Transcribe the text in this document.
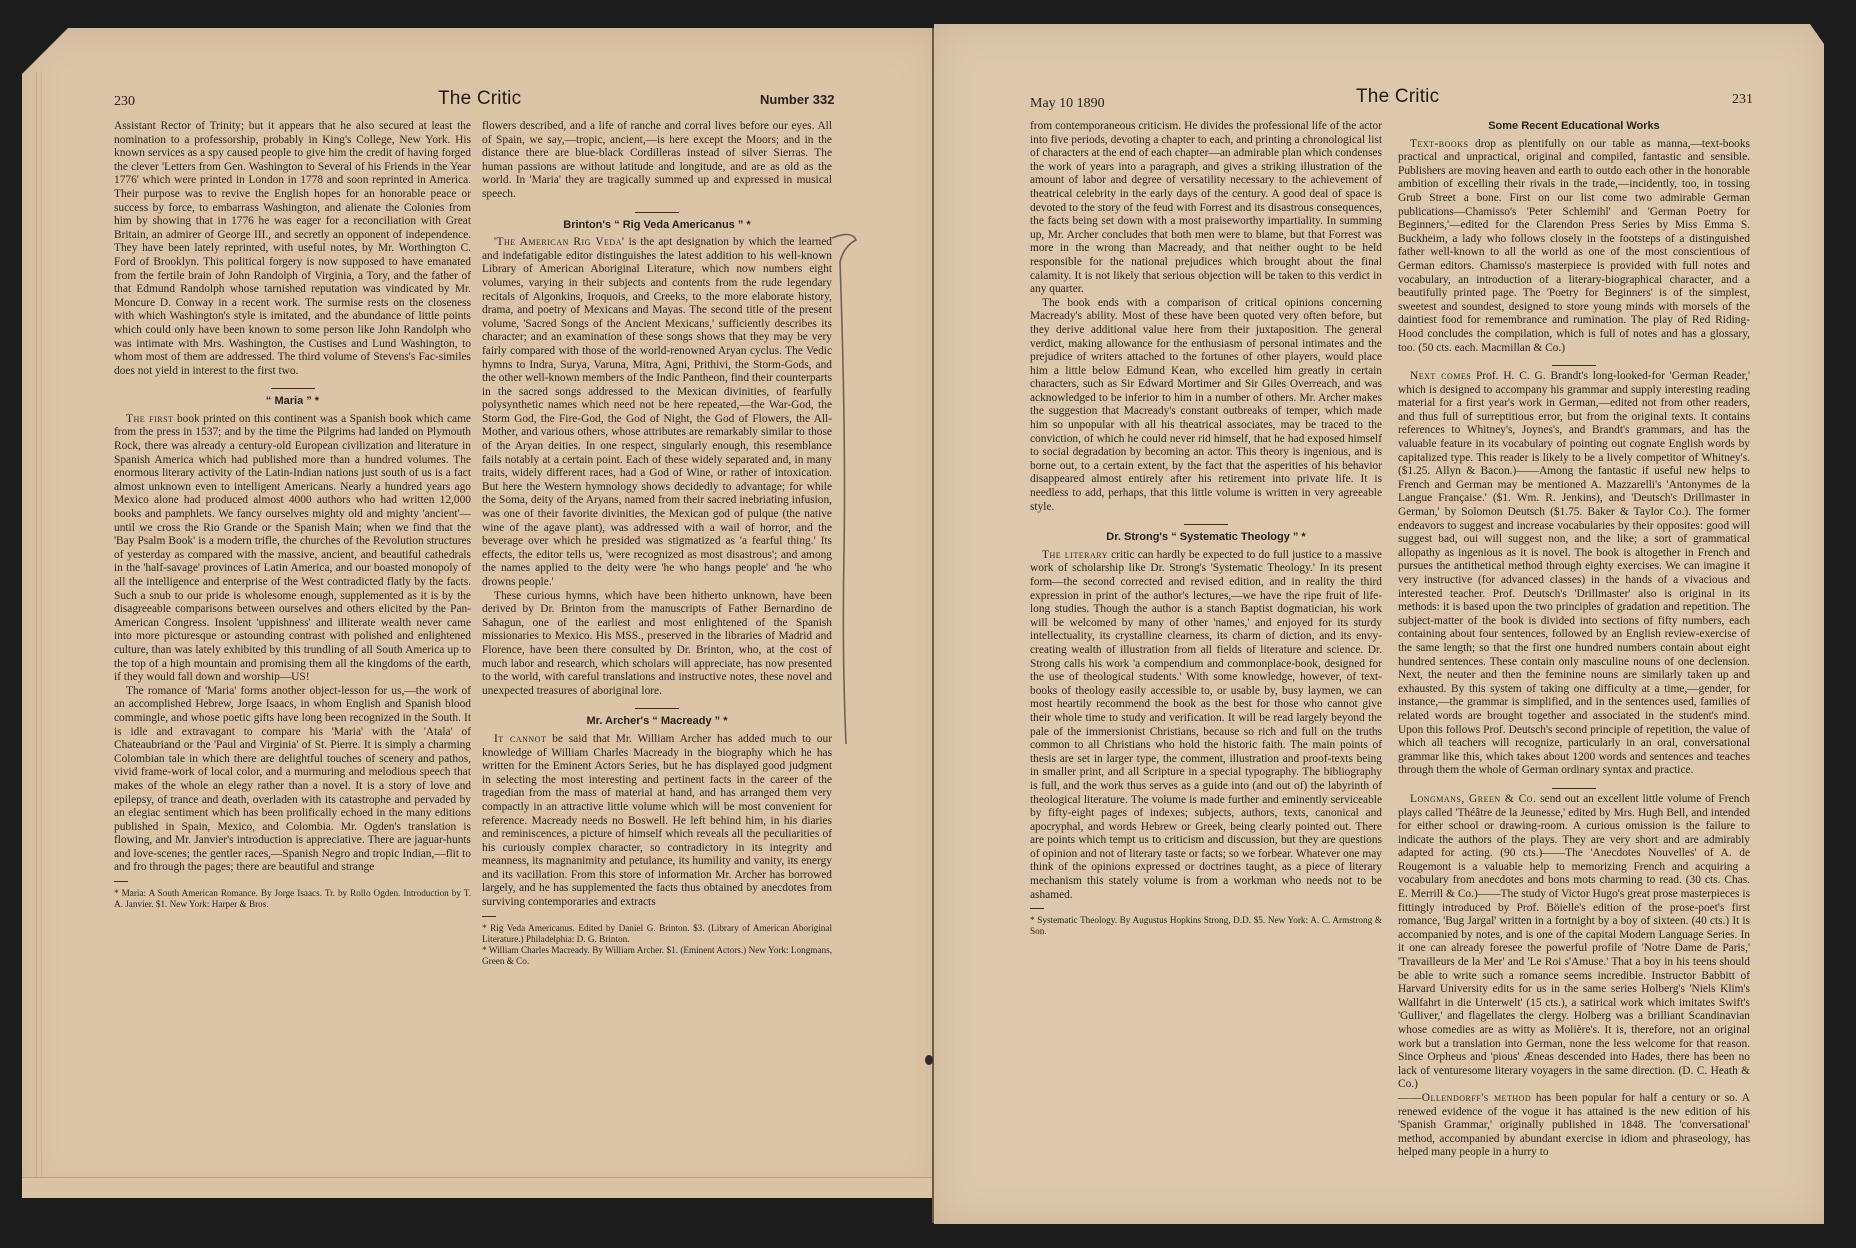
230	The Critic	Number 332

Assistant Rector of Trinity; but it appears that he also secured at least the nomination to a professorship, probably in King's College, New York. His known services as a spy caused people to give him the credit of having forged the clever 'Letters from Gen. Washington to Several of his Friends in the Year 1776' which were printed in London in 1778 and soon reprinted in America. Their purpose was to revive the English hopes for an honorable peace or success by force, to embarrass Washington, and alienate the Colonies from him by showing that in 1776 he was eager for a reconciliation with Great Britain, an admirer of George III., and secretly an opponent of independence. They have been lately reprinted, with useful notes, by Mr. Worthington C. Ford of Brooklyn. This political forgery is now supposed to have emanated from the fertile brain of John Randolph of Virginia, a Tory, and the father of that Edmund Randolph whose tarnished reputation was vindicated by Mr. Moncure D. Conway in a recent work. The surmise rests on the closeness with which Washington's style is imitated, and the abundance of little points which could only have been known to some person like John Randolph who was intimate with Mrs. Washington, the Custises and Lund Washington, to whom most of them are addressed. The third volume of Stevens's Fac-similes does not yield in interest to the first two.

“ Maria ” *

The first book printed on this continent was a Spanish book which came from the press in 1537; and by the time the Pilgrims had landed on Plymouth Rock, there was already a century-old European civilization and literature in Spanish America which had published more than a hundred volumes. The enormous literary activity of the Latin-Indian nations just south of us is a fact almost unknown even to intelligent Americans. Nearly a hundred years ago Mexico alone had produced almost 4000 authors who had written 12,000 books and pamphlets. We fancy ourselves mighty old and mighty 'ancient'—until we cross the Rio Grande or the Spanish Main; when we find that the 'Bay Psalm Book' is a modern trifle, the churches of the Revolution structures of yesterday as compared with the massive, ancient, and beautiful cathedrals in the 'half-savage' provinces of Latin America, and our boasted monopoly of all the intelligence and enterprise of the West contradicted flatly by the facts. Such a snub to our pride is wholesome enough, supplemented as it is by the disagreeable comparisons between ourselves and others elicited by the Pan-American Congress. Insolent 'uppishness' and illiterate wealth never came into more picturesque or astounding contrast with polished and enlightened culture, than was lately exhibited by this trundling of all South America up to the top of a high mountain and promising them all the kingdoms of the earth, if they would fall down and worship—US!

The romance of 'Maria' forms another object-lesson for us,—the work of an accomplished Hebrew, Jorge Isaacs, in whom English and Spanish blood commingle, and whose poetic gifts have long been recognized in the South. It is idle and extravagant to compare his 'Maria' with the 'Atala' of Chateaubriand or the 'Paul and Virginia' of St. Pierre. It is simply a charming Colombian tale in which there are delightful touches of scenery and pathos, vivid frame-work of local color, and a murmuring and melodious speech that makes of the whole an elegy rather than a novel. It is a story of love and epilepsy, of trance and death, overladen with its catastrophe and pervaded by an elegiac sentiment which has been prolifically echoed in the many editions published in Spain, Mexico, and Colombia. Mr. Ogden's translation is flowing, and Mr. Janvier's introduction is appreciative. There are jaguar-hunts and love-scenes; the gentler races,—Spanish Negro and tropic Indian,—flit to and fro through the pages; there are beautiful and strange

* Maria: A South American Romance. By Jorge Isaacs. Tr. by Rollo Ogden. Introduction by T. A. Janvier. $1. New York: Harper & Bros.

flowers described, and a life of ranche and corral lives before our eyes. All of Spain, we say,—tropic, ancient,—is here except the Moors; and in the distance there are blue-black Cordilleras instead of silver Sierras. The human passions are without latitude and longitude, and are as old as the world. In 'Maria' they are tragically summed up and expressed in musical speech.

Brinton's “ Rig Veda Americanus ” *

'The American Rig Veda' is the apt designation by which the learned and indefatigable editor distinguishes the latest addition to his well-known Library of American Aboriginal Literature, which now numbers eight volumes, varying in their subjects and contents from the rude legendary recitals of Algonkins, Iroquois, and Creeks, to the more elaborate history, drama, and poetry of Mexicans and Mayas. The second title of the present volume, 'Sacred Songs of the Ancient Mexicans,' sufficiently describes its character; and an examination of these songs shows that they may be very fairly compared with those of the world-renowned Aryan cyclus. The Vedic hymns to Indra, Surya, Varuna, Mitra, Agni, Prithivi, the Storm-Gods, and the other well-known members of the Indic Pantheon, find their counterparts in the sacred songs addressed to the Mexican divinities, of fearfully polysynthetic names which need not be here repeated,—the War-God, the Storm God, the Fire-God, the God of Night, the God of Flowers, the All-Mother, and various others, whose attributes are remarkably similar to those of the Aryan deities. In one respect, singularly enough, this resemblance fails notably at a certain point. Each of these widely separated and, in many traits, widely different races, had a God of Wine, or rather of intoxication. But here the Western hymnology shows decidedly to advantage; for while the Soma, deity of the Aryans, named from their sacred inebriating infusion, was one of their favorite divinities, the Mexican god of pulque (the native wine of the agave plant), was addressed with a wail of horror, and the beverage over which he presided was stigmatized as 'a fearful thing.' Its effects, the editor tells us, 'were recognized as most disastrous'; and among the names applied to the deity were 'he who hangs people' and 'he who drowns people.'

These curious hymns, which have been hitherto unknown, have been derived by Dr. Brinton from the manuscripts of Father Bernardino de Sahagun, one of the earliest and most enlightened of the Spanish missionaries to Mexico. His MSS., preserved in the libraries of Madrid and Florence, have been there consulted by Dr. Brinton, who, at the cost of much labor and research, which scholars will appreciate, has now presented to the world, with careful translations and instructive notes, these novel and unexpected treasures of aboriginal lore.

Mr. Archer's “ Macready ” *

It cannot be said that Mr. William Archer has added much to our knowledge of William Charles Macready in the biography which he has written for the Eminent Actors Series, but he has displayed good judgment in selecting the most interesting and pertinent facts in the career of the tragedian from the mass of material at hand, and has arranged them very compactly in an attractive little volume which will be most convenient for reference. Macready needs no Boswell. He left behind him, in his diaries and reminiscences, a picture of himself which reveals all the peculiarities of his curiously complex character, so contradictory in its integrity and meanness, its magnanimity and petulance, its humility and vanity, its energy and its vacillation. From this store of information Mr. Archer has borrowed largely, and he has supplemented the facts thus obtained by anecdotes from surviving contemporaries and extracts

* Rig Veda Americanus. Edited by Daniel G. Brinton. $3. (Library of American Aboriginal Literature.) Philadelphia: D. G. Brinton.
* William Charles Macready. By William Archer. $1. (Eminent Actors.) New York: Longmans, Green & Co.
May 10 1890	The Critic	231

from contemporaneous criticism. He divides the professional life of the actor into five periods, devoting a chapter to each, and printing a chronological list of characters at the end of each chapter—an admirable plan which condenses the work of years into a paragraph, and gives a striking illustration of the amount of labor and degree of versatility necessary to the achievement of theatrical celebrity in the early days of the century. A good deal of space is devoted to the story of the feud with Forrest and its disastrous consequences, the facts being set down with a most praiseworthy impartiality. In summing up, Mr. Archer concludes that both men were to blame, but that Forrest was more in the wrong than Macready, and that neither ought to be held responsible for the national prejudices which brought about the final calamity. It is not likely that serious objection will be taken to this verdict in any quarter.

The book ends with a comparison of critical opinions concerning Macready's ability. Most of these have been quoted very often before, but they derive additional value here from their juxtaposition. The general verdict, making allowance for the enthusiasm of personal intimates and the prejudice of writers attached to the fortunes of other players, would place him a little below Edmund Kean, who excelled him greatly in certain characters, such as Sir Edward Mortimer and Sir Giles Overreach, and was acknowledged to be inferior to him in a number of others. Mr. Archer makes the suggestion that Macready's constant outbreaks of temper, which made him so unpopular with all his theatrical associates, may be traced to the conviction, of which he could never rid himself, that he had exposed himself to social degradation by becoming an actor. This theory is ingenious, and is borne out, to a certain extent, by the fact that the asperities of his behavior disappeared almost entirely after his retirement into private life. It is needless to add, perhaps, that this little volume is written in very agreeable style.

Dr. Strong's “ Systematic Theology ” *

The literary critic can hardly be expected to do full justice to a massive work of scholarship like Dr. Strong's 'Systematic Theology.' In its present form—the second corrected and revised edition, and in reality the third expression in print of the author's lectures,—we have the ripe fruit of life-long studies. Though the author is a stanch Baptist dogmatician, his work will be welcomed by many of other 'names,' and enjoyed for its sturdy intellectuality, its crystalline clearness, its charm of diction, and its envy-creating wealth of illustration from all fields of literature and science. Dr. Strong calls his work 'a compendium and commonplace-book, designed for the use of theological students.' With some knowledge, however, of text-books of theology easily accessible to, or usable by, busy laymen, we can most heartily recommend the book as the best for those who cannot give their whole time to study and verification. It will be read largely beyond the pale of the immersionist Christians, because so rich and full on the truths common to all Christians who hold the historic faith. The main points of thesis are set in larger type, the comment, illustration and proof-texts being in smaller print, and all Scripture in a special typography. The bibliography is full, and the work thus serves as a guide into (and out of) the labyrinth of theological literature. The volume is made further and eminently serviceable by fifty-eight pages of indexes; subjects, authors, texts, canonical and apocryphal, and words Hebrew or Greek, being clearly pointed out. There are points which tempt us to criticism and discussion, but they are questions of opinion and not of literary taste or facts; so we forbear. Whatever one may think of the opinions expressed or doctrines taught, as a piece of literary mechanism this stately volume is from a workman who needs not to be ashamed.

* Systematic Theology. By Augustus Hopkins Strong, D.D. $5. New York: A. C. Armstrong & Son.
Some Recent Educational Works

Text-books drop as plentifully on our table as manna,—text-books practical and unpractical, original and compiled, fantastic and sensible. Publishers are moving heaven and earth to outdo each other in the honorable ambition of excelling their rivals in the trade,—incidently, too, in tossing Grub Street a bone. First on our list come two admirable German publications—Chamisso's 'Peter Schlemihl' and 'German Poetry for Beginners,'—edited for the Clarendon Press Series by Miss Emma S. Buckheim, a lady who follows closely in the footsteps of a distinguished father well-known to all the world as one of the most conscientious of German editors. Chamisso's masterpiece is provided with full notes and vocabulary, an introduction of a literary-biographical character, and a beautifully printed page. The 'Poetry for Beginners' is of the simplest, sweetest and soundest, designed to store young minds with morsels of the daintiest food for remembrance and rumination. The play of Red Riding-Hood concludes the compilation, which is full of notes and has a glossary, too. (50 cts. each. Macmillan & Co.)

Next comes Prof. H. C. G. Brandt's long-looked-for 'German Reader,' which is designed to accompany his grammar and supply interesting reading material for a first year's work in German,—edited not from other readers, and thus full of surreptitious error, but from the original texts. It contains references to Whitney's, Joynes's, and Brandt's grammars, and has the valuable feature in its vocabulary of pointing out cognate English words by capitalized type. This reader is likely to be a lively competitor of Whitney's. ($1.25. Allyn & Bacon.)——Among the fantastic if useful new helps to French and German may be mentioned A. Mazzarelli's 'Antonymes de la Langue Française.' ($1. Wm. R. Jenkins), and 'Deutsch's Drillmaster in German,' by Solomon Deutsch ($1.75. Baker & Taylor Co.). The former endeavors to suggest and increase vocabularies by their opposites: good will suggest bad, oui will suggest non, and the like; a sort of grammatical allopathy as ingenious as it is novel. The book is altogether in French and pursues the antithetical method through eighty exercises. We can imagine it very instructive (for advanced classes) in the hands of a vivacious and interested teacher. Prof. Deutsch's 'Drillmaster' also is original in its methods: it is based upon the two principles of gradation and repetition. The subject-matter of the book is divided into sections of fifty numbers, each containing about four sentences, followed by an English review-exercise of the same length; so that the first one hundred numbers contain about eight hundred sentences. These contain only masculine nouns of one declension. Next, the neuter and then the feminine nouns are similarly taken up and exhausted. By this system of taking one difficulty at a time,—gender, for instance,—the grammar is simplified, and in the sentences used, families of related words are brought together and associated in the student's mind. Upon this follows Prof. Deutsch's second principle of repetition, the value of which all teachers will recognize, particularly in an oral, conversational grammar like this, which takes about 1200 words and sentences and teaches through them the whole of German ordinary syntax and practice.

Longmans, Green & Co. send out an excellent little volume of French plays called 'Théâtre de la Jeunesse,' edited by Mrs. Hugh Bell, and intended for either school or drawing-room. A curious omission is the failure to indicate the authors of the plays. They are very short and are admirably adapted for acting. (90 cts.)——The 'Anecdotes Nouvelles' of A. de Rougemont is a valuable help to memorizing French and acquiring a vocabulary from anecdotes and bons mots charming to read. (30 cts. Chas. E. Merrill & Co.)——The study of Victor Hugo's great prose masterpieces is fittingly introduced by Prof. Böielle's edition of the prose-poet's first romance, 'Bug Jargal' written in a fortnight by a boy of sixteen. (40 cts.) It is accompanied by notes, and is one of the capital Modern Language Series. In it one can already foresee the powerful profile of 'Notre Dame de Paris,' 'Travailleurs de la Mer' and 'Le Roi s'Amuse.' That a boy in his teens should be able to write such a romance seems incredible. Instructor Babbitt of Harvard University edits for us in the same series Holberg's 'Niels Klim's Wallfahrt in die Unterwelt' (15 cts.), a satirical work which imitates Swift's 'Gulliver,' and flagellates the clergy. Holberg was a brilliant Scandinavian whose comedies are as witty as Molière's. It is, therefore, not an original work but a translation into German, none the less welcome for that reason. Since Orpheus and 'pious' Æneas descended into Hades, there has been no lack of venturesome literary voyagers in the same direction. (D. C. Heath & Co.)

——Ollendorff's method has been popular for half a century or so. A renewed evidence of the vogue it has attained is the new edition of his 'Spanish Grammar,' originally published in 1848. The 'conversational' method, accompanied by abundant exercise in idiom and phraseology, has helped many people in a hurry to
